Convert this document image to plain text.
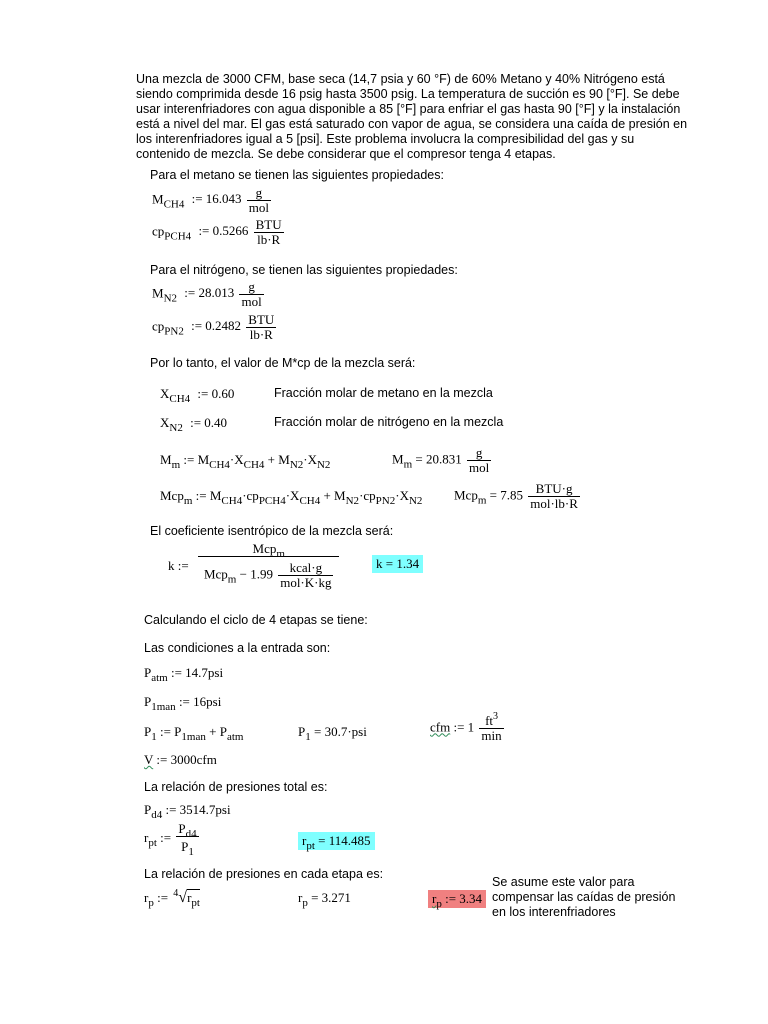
Una mezcla de 3000 CFM, base seca (14,7 psia y 60 °F) de 60% Metano y 40% Nitrógeno está
siendo comprimida desde 16 psig hasta 3500 psig. La temperatura de succión es 90 [°F]. Se debe
usar interenfriadores con agua disponible a 85 [°F] para enfriar el gas hasta 90 [°F] y la instalación
está a nivel del mar. El gas está saturado con vapor de agua, se considera una caída de presión en
los interenfriadores igual a 5 [psi]. Este problema involucra la compresibilidad del gas y su
contenido de mezcla. Se debe considerar que el compresor tenga 4 etapas.
Para el metano se tienen las siguientes propiedades:
$M_{CH4}$ := $16.043 \frac{g}{\text{mol}}$
$cp_{PCH4}$ := $0.5266 \frac{\text{BTU}}{lb\cdot R}$
Para el nitrógeno, se tienen las siguientes propiedades:
$M_{N2}$ := $28.013 \frac{g}{\text{mol}}$
$cp_{PN2}$ := $0.2482 \frac{\text{BTU}}{lb\cdot R}$
Por lo tanto, el valor de M*cp de la mezcla será:
$X_{CH4}$ := 0.60	Fracción molar de metano en la mezcla
$X_{N2}$ := 0.40	Fracción molar de nitrógeno en la mezcla
$M_m$ := $M_{CH4}\cdot X_{CH4} + M_{N2}\cdot X_{N2}$	$M_m = 20.831 \frac{g}{\text{mol}}$
Mcp$_m$ := $M_{CH4}\cdot cp_{PCH4}\cdot X_{CH4} + M_{N2}\cdot cp_{PN2}\cdot X_{N2}$ $Mcp_m = 7.85 \frac{\text{BTU·g}}{\text{mol·lb·R}}$
El coeficiente isentrópico de la mezcla será:
k := $\frac{Mcp_m}{Mcp_m - 1.99 \frac{\text{kcal·g}}{\text{mol·K·kg}}}$	k = 1.34
Calculando el ciclo de 4 etapas se tiene:
Las condiciones a la entrada son:
$P_{atm}$ := 14.7psi
$P_{1man}$ := 16psi
$P_1$ := $P_{1man} + P_{atm}$	$P_1 = 30.7\cdot psi$	cfm := $1 \frac{ft^3}{\min}$
V := 3000cfm
La relación de presiones total es:
$P_{d4}$ := 3514.7psi
$r_{pt}$ := $\frac{P_{d4}}{P_1}$	$r_{pt} = 114.485$
La relación de presiones en cada etapa es:
$r_p$ := $^4√r_{pt}$	$r_p = 3.271$	$r_p$ := 3.34
Se asume este valor para
compensar las caídas de presión
en los interenfriadores
